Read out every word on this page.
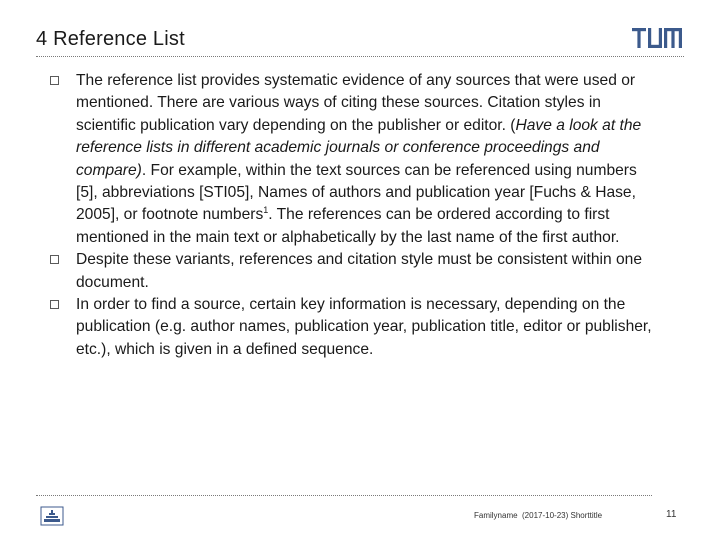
4 Reference List
The reference list provides systematic evidence of any sources that were used or mentioned. There are various ways of citing these sources. Citation styles in scientific publication vary depending on the publisher or editor. (Have a look at the reference lists in different academic journals or conference proceedings and compare). For example, within the text sources can be referenced using numbers [5], abbreviations [STI05], Names of authors and publication year [Fuchs & Hase, 2005], or footnote numbers$^1$. The references can be ordered according to first mentioned in the main text or alphabetically by the last name of the first author.
Despite these variants, references and citation style must be consistent within one document.
In order to find a source, certain key information is necessary, depending on the publication (e.g. author names, publication year, publication title, editor or publisher, etc.), which is given in a defined sequence.
Familyname  (2017-10-23) Shorttitle	11
